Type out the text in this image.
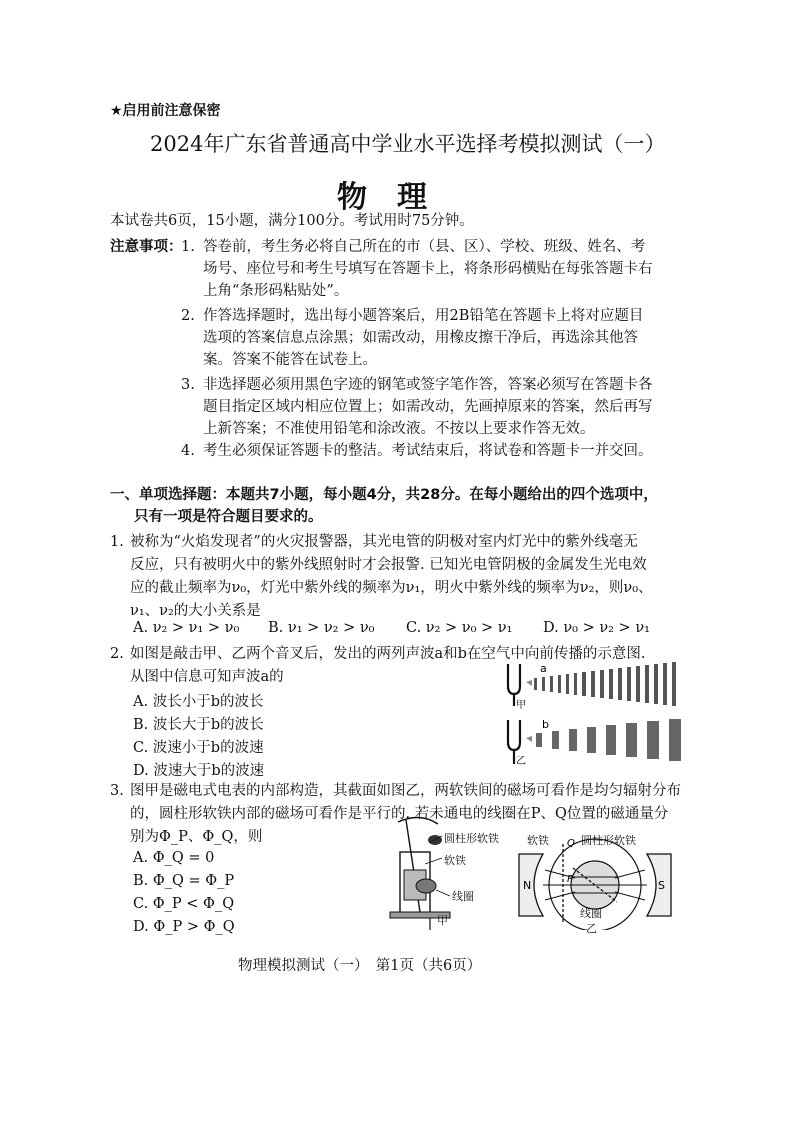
★启用前注意保密
2024年广东省普通高中学业水平选择考模拟测试（一）
物　理
本试卷共6页，15小题，满分100分。考试用时75分钟。
注意事项：
1. 答卷前，考生务必将自己所在的市（县、区）、学校、班级、姓名、考
场号、座位号和考生号填写在答题卡上，将条形码横贴在每张答题卡右
上角“条形码粘贴处”。
2. 作答选择题时，选出每小题答案后，用2B铅笔在答题卡上将对应题目
选项的答案信息点涂黑；如需改动，用橡皮擦干净后，再选涂其他答
案。答案不能答在试卷上。
3. 非选择题必须用黑色字迹的钢笔或签字笔作答，答案必须写在答题卡各
题目指定区域内相应位置上；如需改动，先画掉原来的答案，然后再写
上新答案；不准使用铅笔和涂改液。不按以上要求作答无效。
4. 考生必须保证答题卡的整洁。考试结束后，将试卷和答题卡一并交回。
一、单项选择题：本题共7小题，每小题4分，共28分。在每小题给出的四个选项中，
只有一项是符合题目要求的。
1. 被称为“火焰发现者”的火灾报警器，其光电管的阴极对室内灯光中的紫外线毫无
反应，只有被明火中的紫外线照射时才会报警. 已知光电管阴极的金属发生光电效
应的截止频率为ν₀，灯光中紫外线的频率为ν₁，明火中紫外线的频率为ν₂，则ν₀、
ν₁、ν₂的大小关系是
A. ν₂ > ν₁ > ν₀ B. ν₁ > ν₂ > ν₀ C. ν₂ > ν₀ > ν₁ D. ν₀ > ν₂ > ν₁
2. 如图是敲击甲、乙两个音叉后，发出的两列声波a和b在空气中向前传播的示意图.
从图中信息可知声波a的
A. 波长小于b的波长
B. 波长大于b的波长
C. 波速小于b的波速
D. 波速大于b的波速
甲
a
乙
b
3. 图甲是磁电式电表的内部构造，其截面如图乙，两软铁间的磁场可看作是均匀辐射分布
的，圆柱形软铁内部的磁场可看作是平行的. 若未通电的线圈在P、Q位置的磁通量分
别为Φ_P、Φ_Q，则
A. Φ_Q = 0
B. Φ_Q = Φ_P
C. Φ_P < Φ_Q
D. Φ_P > Φ_Q
圆柱形软铁
软铁
线圈
甲
N	S
P
Q
软铁	圆柱形软铁
线圈
乙
物理模拟测试（一）　第1页（共6页）
